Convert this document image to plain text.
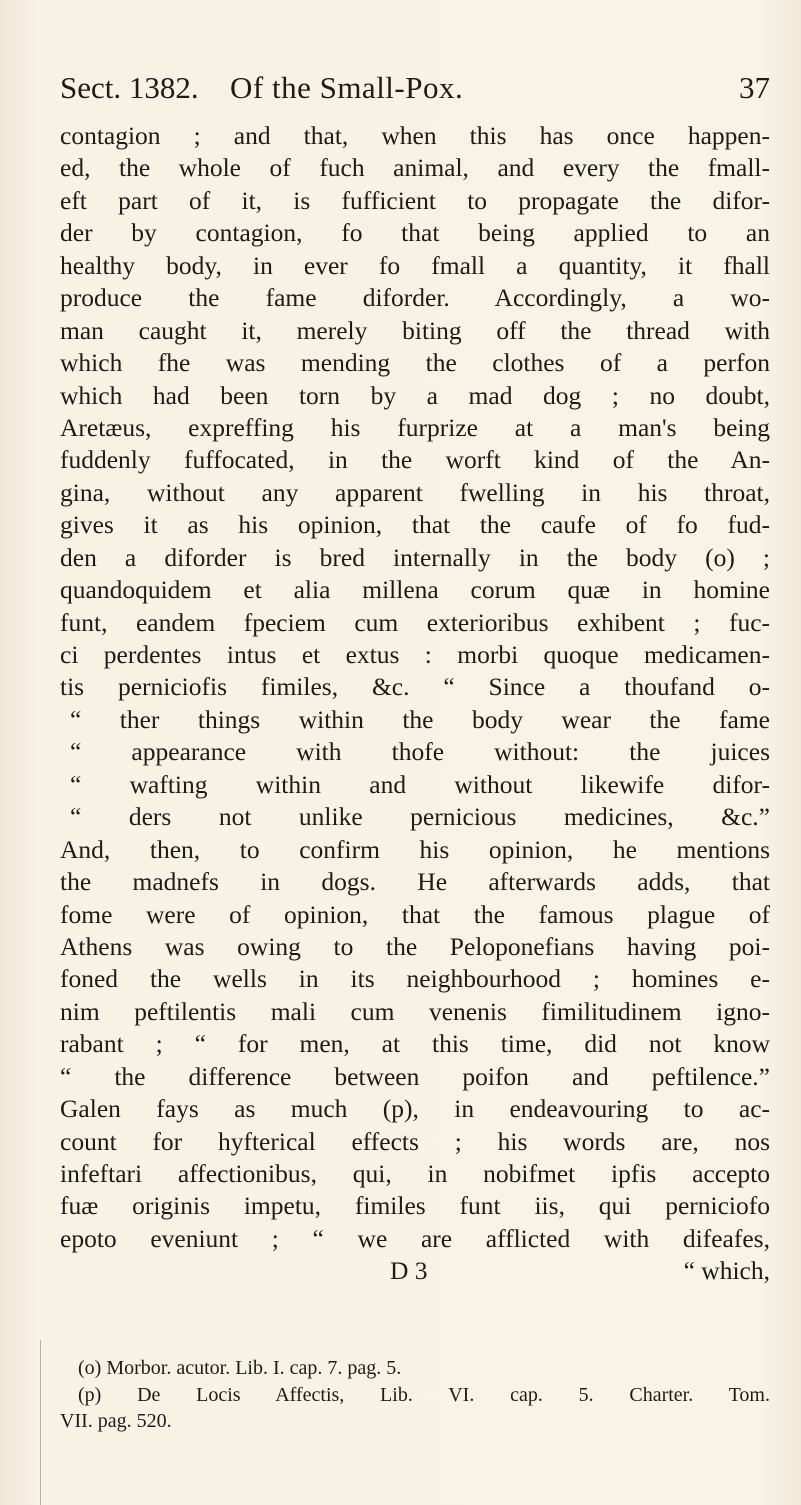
Sect. 1382. Of the Small-Pox.	37
contagion ; and that, when this has once happen-
ed, the whole of fuch animal, and every the fmall-
eft part of it, is fufficient to propagate the difor-
der by contagion, fo that being applied to an
healthy body, in ever fo fmall a quantity, it fhall
produce the fame diforder. Accordingly, a wo-
man caught it, merely biting off the thread with
which fhe was mending the clothes of a perfon
which had been torn by a mad dog ; no doubt,
Aretæus, expreffing his furprize at a man's being
fuddenly fuffocated, in the worft kind of the An-
gina, without any apparent fwelling in his throat,
gives it as his opinion, that the caufe of fo fud-
den a diforder is bred internally in the body (o) ;
quandoquidem et alia millena corum quæ in homine
funt, eandem fpeciem cum exterioribus exhibent ; fuc-
ci perdentes intus et extus : morbi quoque medicamen-
tis perniciofis fimiles, &c. “ Since a thoufand o-
“ ther things within the body wear the fame
“ appearance with thofe without: the juices
“ wafting within and without likewife difor-
“ ders not unlike pernicious medicines, &c.”
And, then, to confirm his opinion, he mentions
the madnefs in dogs. He afterwards adds, that
fome were of opinion, that the famous plague of
Athens was owing to the Peloponefians having poi-
foned the wells in its neighbourhood ; homines e-
nim peftilentis mali cum venenis fimilitudinem igno-
rabant ; “ for men, at this time, did not know
“ the difference between poifon and peftilence.”
Galen fays as much (p), in endeavouring to ac-
count for hyfterical effects ; his words are, nos
infeftari affectionibus, qui, in nobifmet ipfis accepto
fuæ originis impetu, fimiles funt iis, qui perniciofo
epoto eveniunt ; “ we are afflicted with difeafes,
D 3	“ which,
(o) Morbor. acutor. Lib. I. cap. 7. pag. 5.
(p) De Locis Affectis, Lib. VI. cap. 5. Charter. Tom.
VII. pag. 520.
